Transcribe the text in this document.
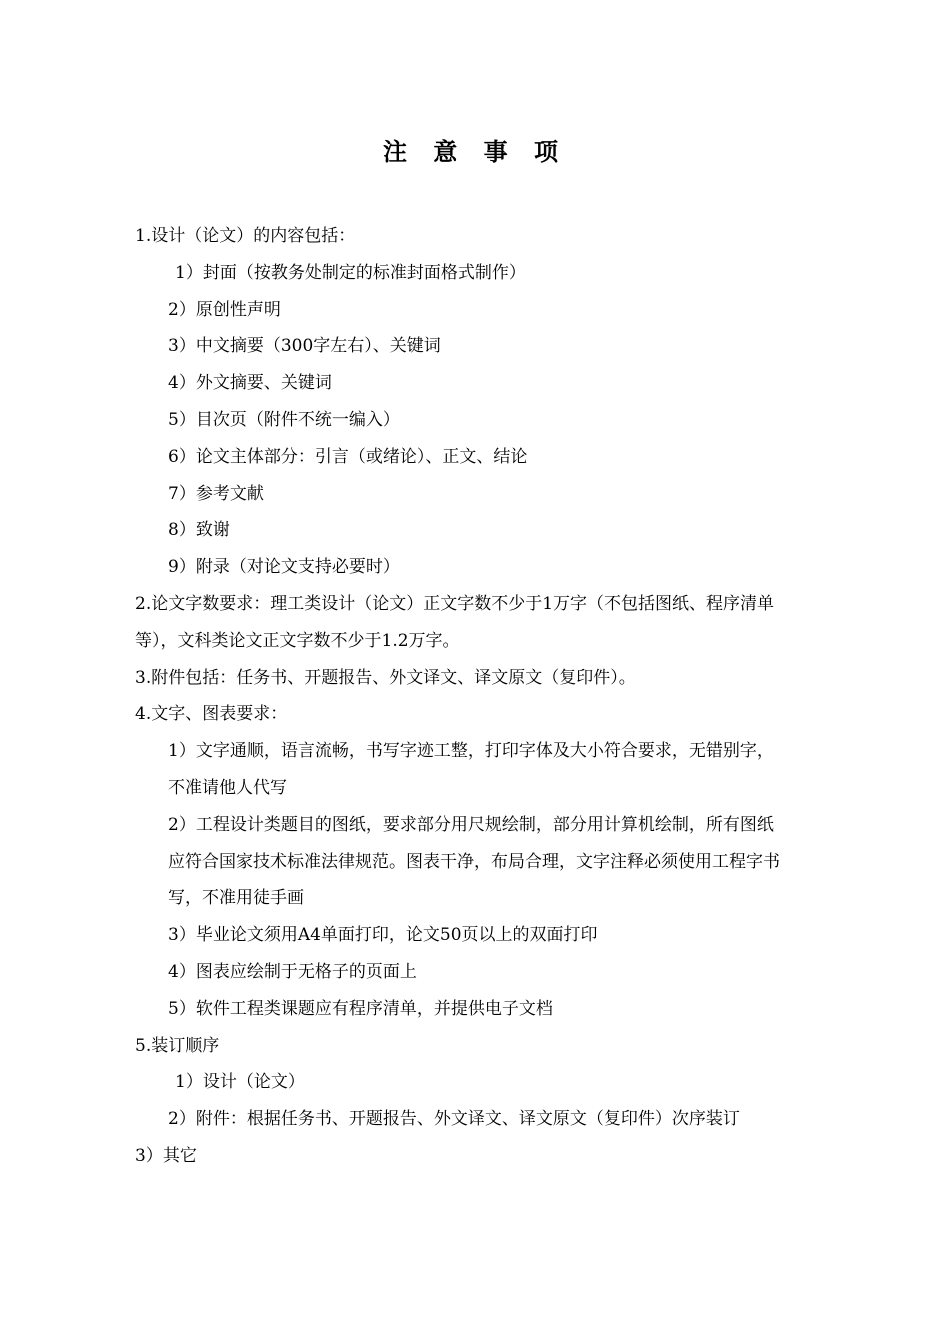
注 意 事 项
1.设计（论文）的内容包括：
1）封面（按教务处制定的标准封面格式制作）
2）原创性声明
3）中文摘要（300字左右）、关键词
4）外文摘要、关键词
5）目次页（附件不统一编入）
6）论文主体部分：引言（或绪论）、正文、结论
7）参考文献
8）致谢
9）附录（对论文支持必要时）
2.论文字数要求：理工类设计（论文）正文字数不少于1万字（不包括图纸、程序清单
等），文科类论文正文字数不少于1.2万字。
3.附件包括：任务书、开题报告、外文译文、译文原文（复印件）。
4.文字、图表要求：
1）文字通顺，语言流畅，书写字迹工整，打印字体及大小符合要求，无错别字，
不准请他人代写
2）工程设计类题目的图纸，要求部分用尺规绘制，部分用计算机绘制，所有图纸
应符合国家技术标准法律规范。图表干净，布局合理，文字注释必须使用工程字书
写，不准用徒手画
3）毕业论文须用A4单面打印，论文50页以上的双面打印
4）图表应绘制于无格子的页面上
5）软件工程类课题应有程序清单，并提供电子文档
5.装订顺序
1）设计（论文）
2）附件：根据任务书、开题报告、外文译文、译文原文（复印件）次序装订
3）其它
